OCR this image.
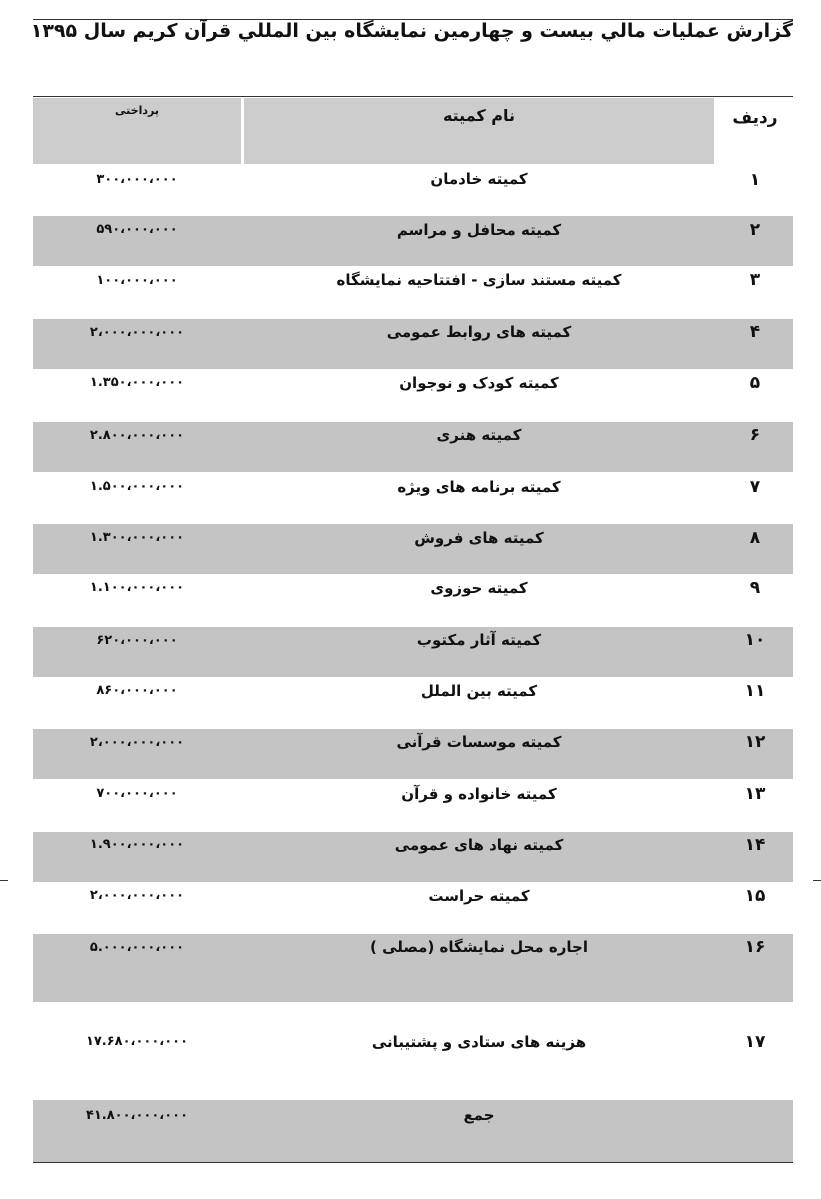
گزارش عمليات مالي بيست و چهارمين نمايشگاه بين المللي قرآن كريم سال ۱۳۹۵
پرداختی	نام کمیته	ردیف
۱
کمیته خادمان
۳۰۰،۰۰۰،۰۰۰
۲
کمیته محافل و مراسم
۵۹۰،۰۰۰،۰۰۰
۳
کمیته مستند سازی - افتتاحیه نمایشگاه
۱۰۰،۰۰۰،۰۰۰
۴
کمیته های روابط عمومی
۲،۰۰۰،۰۰۰،۰۰۰
۵
کمیته کودک و نوجوان
۱.۳۵۰،۰۰۰،۰۰۰
۶
کمیته هنری
۲.۸۰۰،۰۰۰،۰۰۰
۷
کمیته برنامه های ویژه
۱.۵۰۰،۰۰۰،۰۰۰
۸
کمیته های فروش
۱.۳۰۰،۰۰۰،۰۰۰
۹
کمیته حوزوی
۱.۱۰۰،۰۰۰،۰۰۰
۱۰
کمیته آثار مکتوب
۶۲۰،۰۰۰،۰۰۰
۱۱
کمیته بین الملل
۸۶۰،۰۰۰،۰۰۰
۱۲
کمیته موسسات قرآنی
۲،۰۰۰،۰۰۰،۰۰۰
۱۳
کمیته خانواده و قرآن
۷۰۰،۰۰۰،۰۰۰
۱۴
کمیته نهاد های عمومی
۱.۹۰۰،۰۰۰،۰۰۰
۱۵
کمیته حراست
۲،۰۰۰،۰۰۰،۰۰۰
۱۶
اجاره محل نمایشگاه (مصلی )
۵.۰۰۰،۰۰۰،۰۰۰
۱۷
هزینه های ستادی و پشتیبانی
۱۷.۶۸۰،۰۰۰،۰۰۰
جمع
۴۱.۸۰۰،۰۰۰،۰۰۰
